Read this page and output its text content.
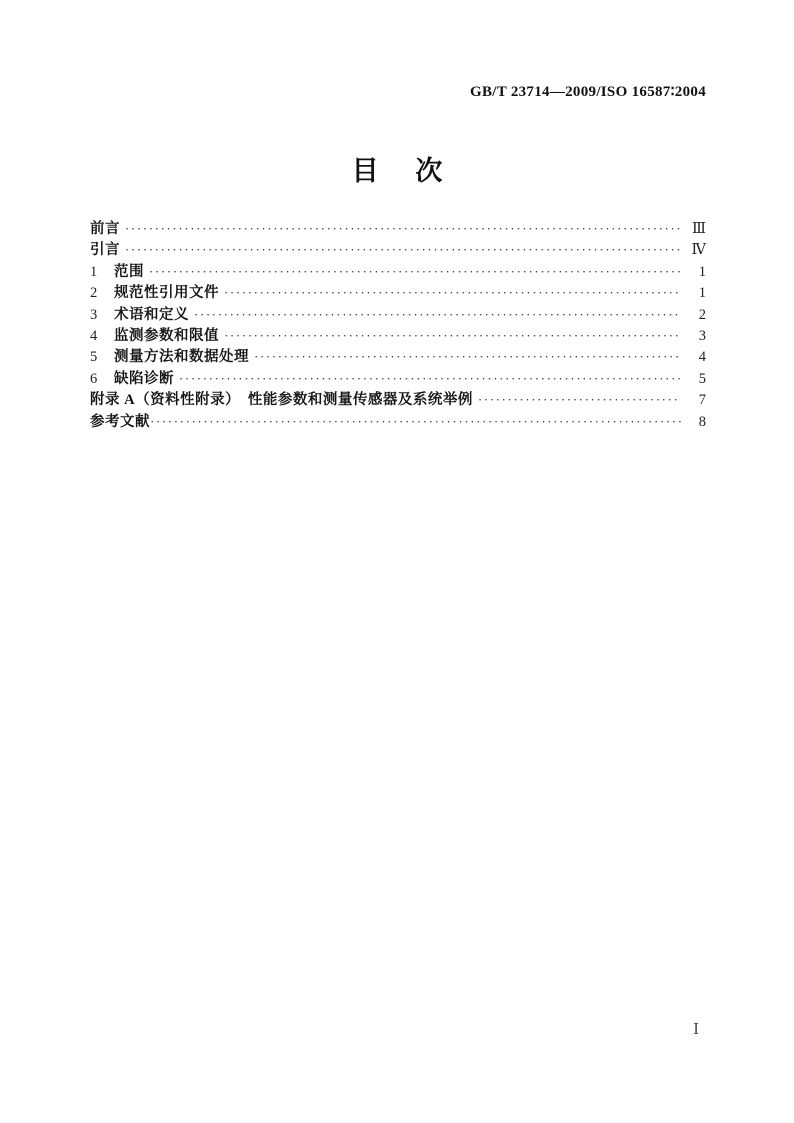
GB/T 23714—2009/ISO 16587∶2004
目 次
前言 ·····	Ⅲ
引言 ·····	Ⅳ
1	范围 ·····	1
2	规范性引用文件 ·····	1
3	术语和定义 ·····	2
4	监测参数和限值 ·····	3
5	测量方法和数据处理 ·····	4
6	缺陷诊断 ·····	5
附录 A（资料性附录）　性能参数和测量传感器及系统举例 ·····	7
参考文献 ·····	8
Ⅰ
